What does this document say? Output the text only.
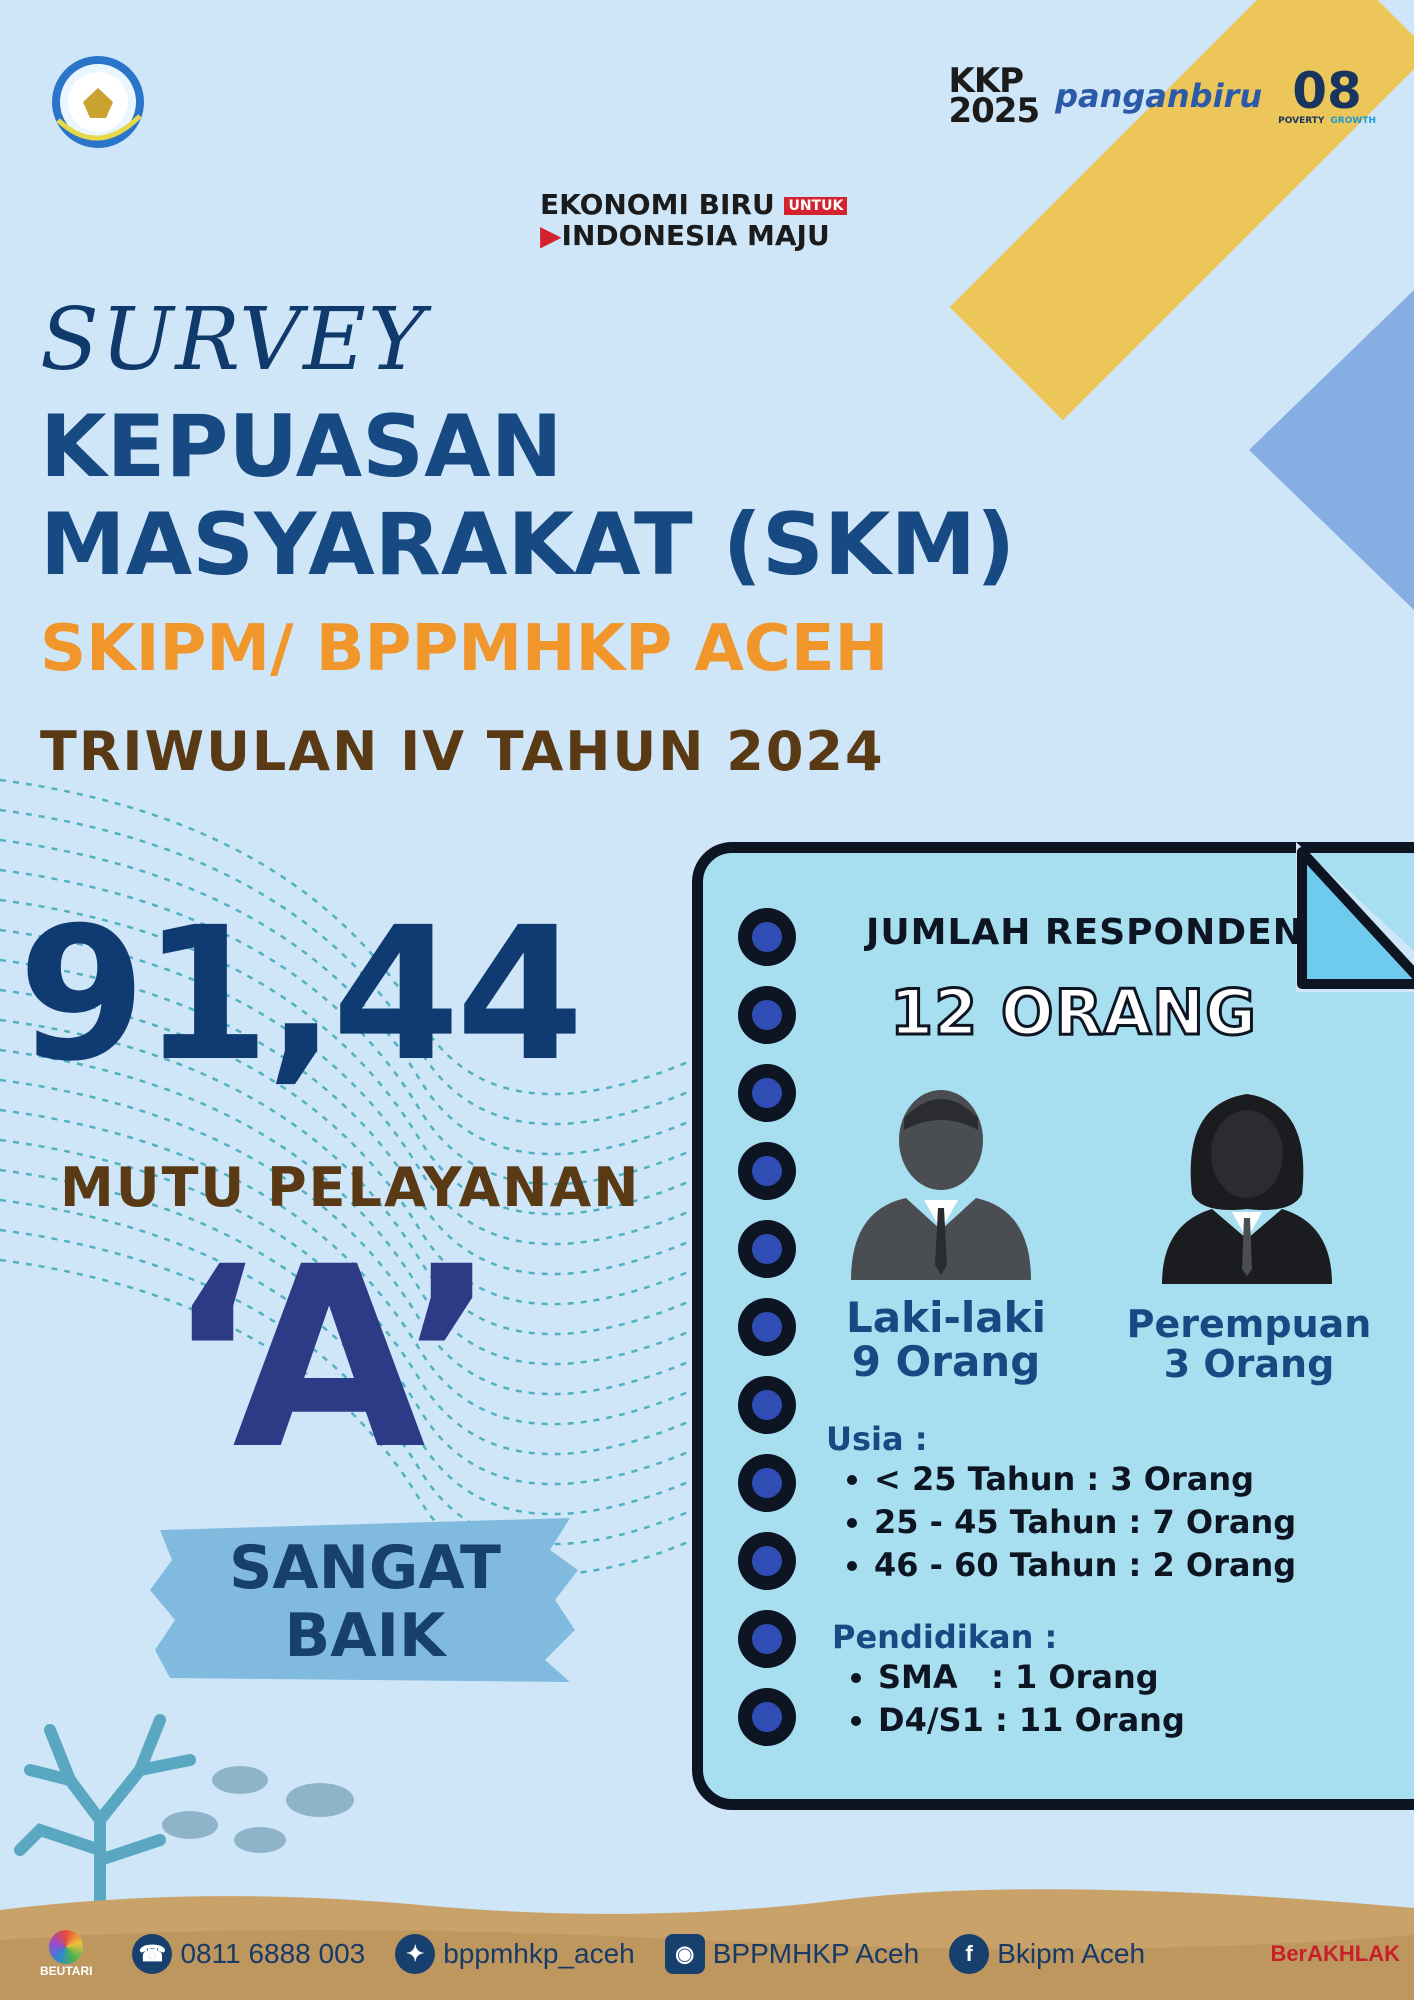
KKP
2025 panganbiru 08
POVERTY GROWTH
EKONOMI BIRU UNTUK
▶INDONESIA MAJU
SURVEY
KEPUASAN
MASYARAKAT (SKM)
SKIPM/ BPPMHKP ACEH
TRIWULAN IV TAHUN 2024
91,44
MUTU PELAYANAN
‘A’
SANGAT
BAIK
JUMLAH RESPONDEN
12 ORANG
Laki-laki
9 Orang
Perempuan
3 Orang
Usia :
• < 25 Tahun : 3 Orang
• 25 - 45 Tahun : 7 Orang
• 46 - 60 Tahun : 2 Orang
Pendidikan :
• SMA   : 1 Orang
• D4/S1 : 11 Orang
BEUTARI
☎ 0811 6888 003	✦ bppmhkp_aceh	◉ BPPMHKP Aceh	f Bkipm Aceh	BerAKHLAK
